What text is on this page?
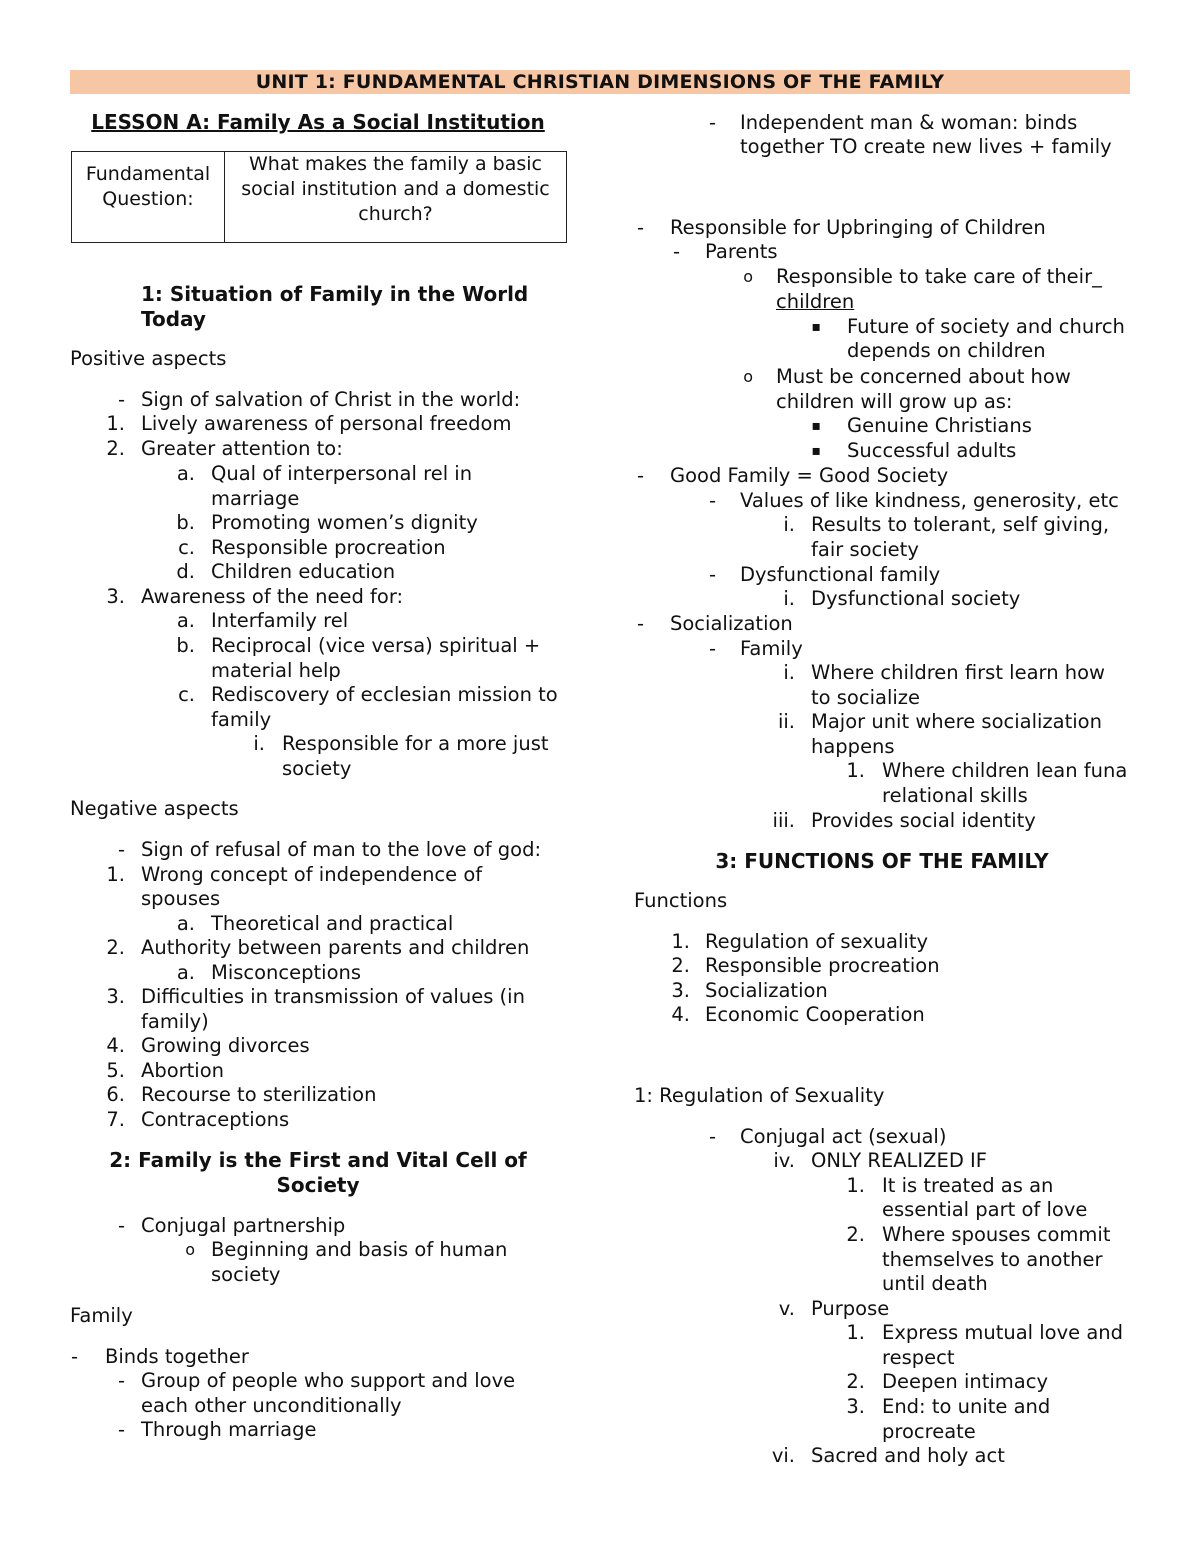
UNIT 1: FUNDAMENTAL CHRISTIAN DIMENSIONS OF THE FAMILY
LESSON A: Family As a Social Institution
Fundamental Question:
What makes the family a basic social institution and a domestic church?
1: Situation of Family in the World
Today
Positive aspects
- Sign of salvation of Christ in the world:
1. Lively awareness of personal freedom
2. Greater attention to:
a. Qual of interpersonal rel in
marriage
b. Promoting women’s dignity
c. Responsible procreation
d. Children education
3. Awareness of the need for:
a. Interfamily rel
b. Reciprocal (vice versa) spiritual +
material help
c. Rediscovery of ecclesian mission to
family
i. Responsible for a more just
society
Negative aspects
- Sign of refusal of man to the love of god:
1. Wrong concept of independence of
spouses
a. Theoretical and practical
2. Authority between parents and children
a. Misconceptions
3. Difficulties in transmission of values (in
family)
4. Growing divorces
5. Abortion
6. Recourse to sterilization
7. Contraceptions
2: Family is the First and Vital Cell of
Society
- Conjugal partnership
o Beginning and basis of human
society
Family
- Binds together
- Group of people who support and love
each other unconditionally
- Through marriage
- Independent man & woman: binds
together TO create new lives + family
- Responsible for Upbringing of Children
- Parents
o Responsible to take care of their_
children
▪ Future of society and church
depends on children
o Must be concerned about how
children will grow up as:
▪ Genuine Christians
▪ Successful adults
- Good Family = Good Society
- Values of like kindness, generosity, etc
i. Results to tolerant, self giving,
fair society
- Dysfunctional family
i. Dysfunctional society
- Socialization
- Family
i. Where children first learn how
to socialize
ii. Major unit where socialization
happens
1. Where children lean funa
relational skills
iii. Provides social identity
3: FUNCTIONS OF THE FAMILY
Functions
1. Regulation of sexuality
2. Responsible procreation
3. Socialization
4. Economic Cooperation
1: Regulation of Sexuality
- Conjugal act (sexual)
iv. ONLY REALIZED IF
1. It is treated as an
essential part of love
2. Where spouses commit
themselves to another
until death
v. Purpose
1. Express mutual love and
respect
2. Deepen intimacy
3. End: to unite and
procreate
vi. Sacred and holy act
